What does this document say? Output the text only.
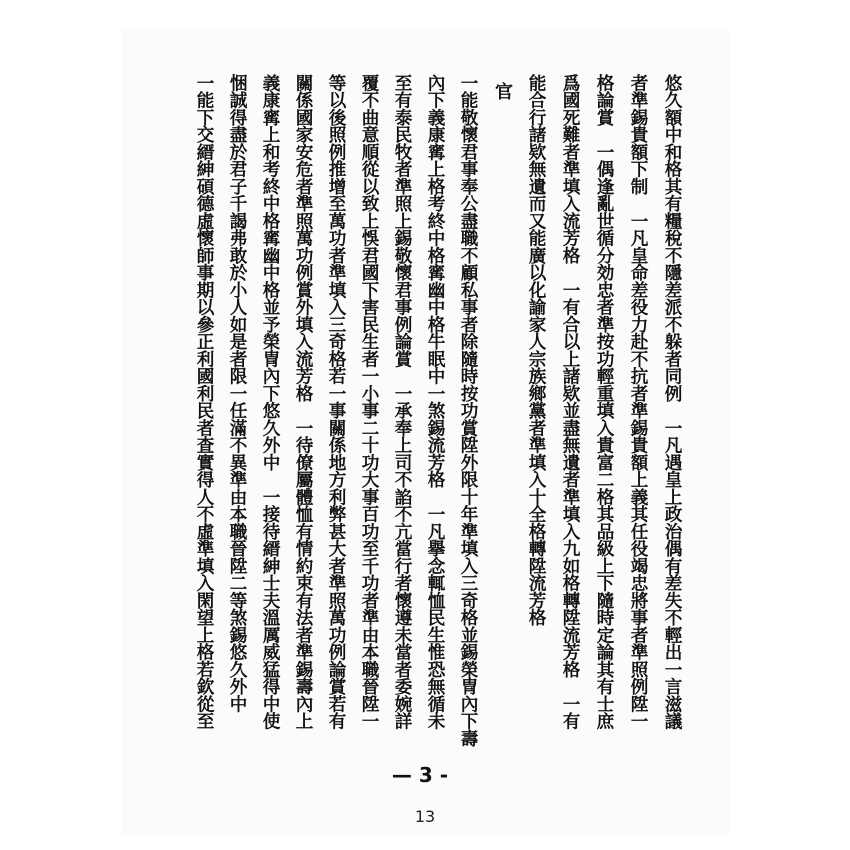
悠久額中和格其有糧稅不隱差派不躲者同例　一凡遇皇上政治偶有差失不輕出一言滋議
者準錫貴額下制　一凡皇命差役力赴不抗者準錫貴額上義其任役竭忠將事者準照例陞一
格論賞　一偶逢亂世循分効忠者準按功輕重填入貴富二格其品級上下隨時定論其有士庶
爲國死難者準填入流芳格　一有合以上諸欵並盡無遺者準填入九如格轉陞流芳格　一有
能合行諸欵無遺而又能廣以化諭家人宗族鄉黨者準填入十全格轉陞流芳格
官
一能敬懷君事奉公盡職不顧私事者除隨時按功賞陞外限十年準填入三奇格並錫榮冑內下壽
內下義康寗上格考終中格寗幽中格牛眠中一煞錫流芳格　一凡擧念輒恤民生惟恐無循未
至有泰民牧者準照上錫敬懷君事例論賞　一承奉上司不諂不亢當行者懷遵未當者委婉詳
覆不曲意順從以致上悞君國下害民生者一小事二十功大事百功至千功者準由本職晉陞一
等以後照例推增至萬功者準填入三奇格若一事關係地方利弊甚大者準照萬功例論賞若有
關係國家安危者準照萬功例賞外填入流芳格　一待僚屬體恤有情約束有法者準錫壽內上
義康寗上和考終中格寗幽中格並予榮冑內下悠久外中　一接待縉紳士夫溫厲威猛得中使
悃誠得盡於君子千謁弗敢於小人如是者限一任滿不異準由本職晉陞二等煞錫悠久外中
一能下交縉紳碩德虛懷師事期以參正利國利民者査實得人不虛準填入閑望上格若欽從至
— 3 -
13
